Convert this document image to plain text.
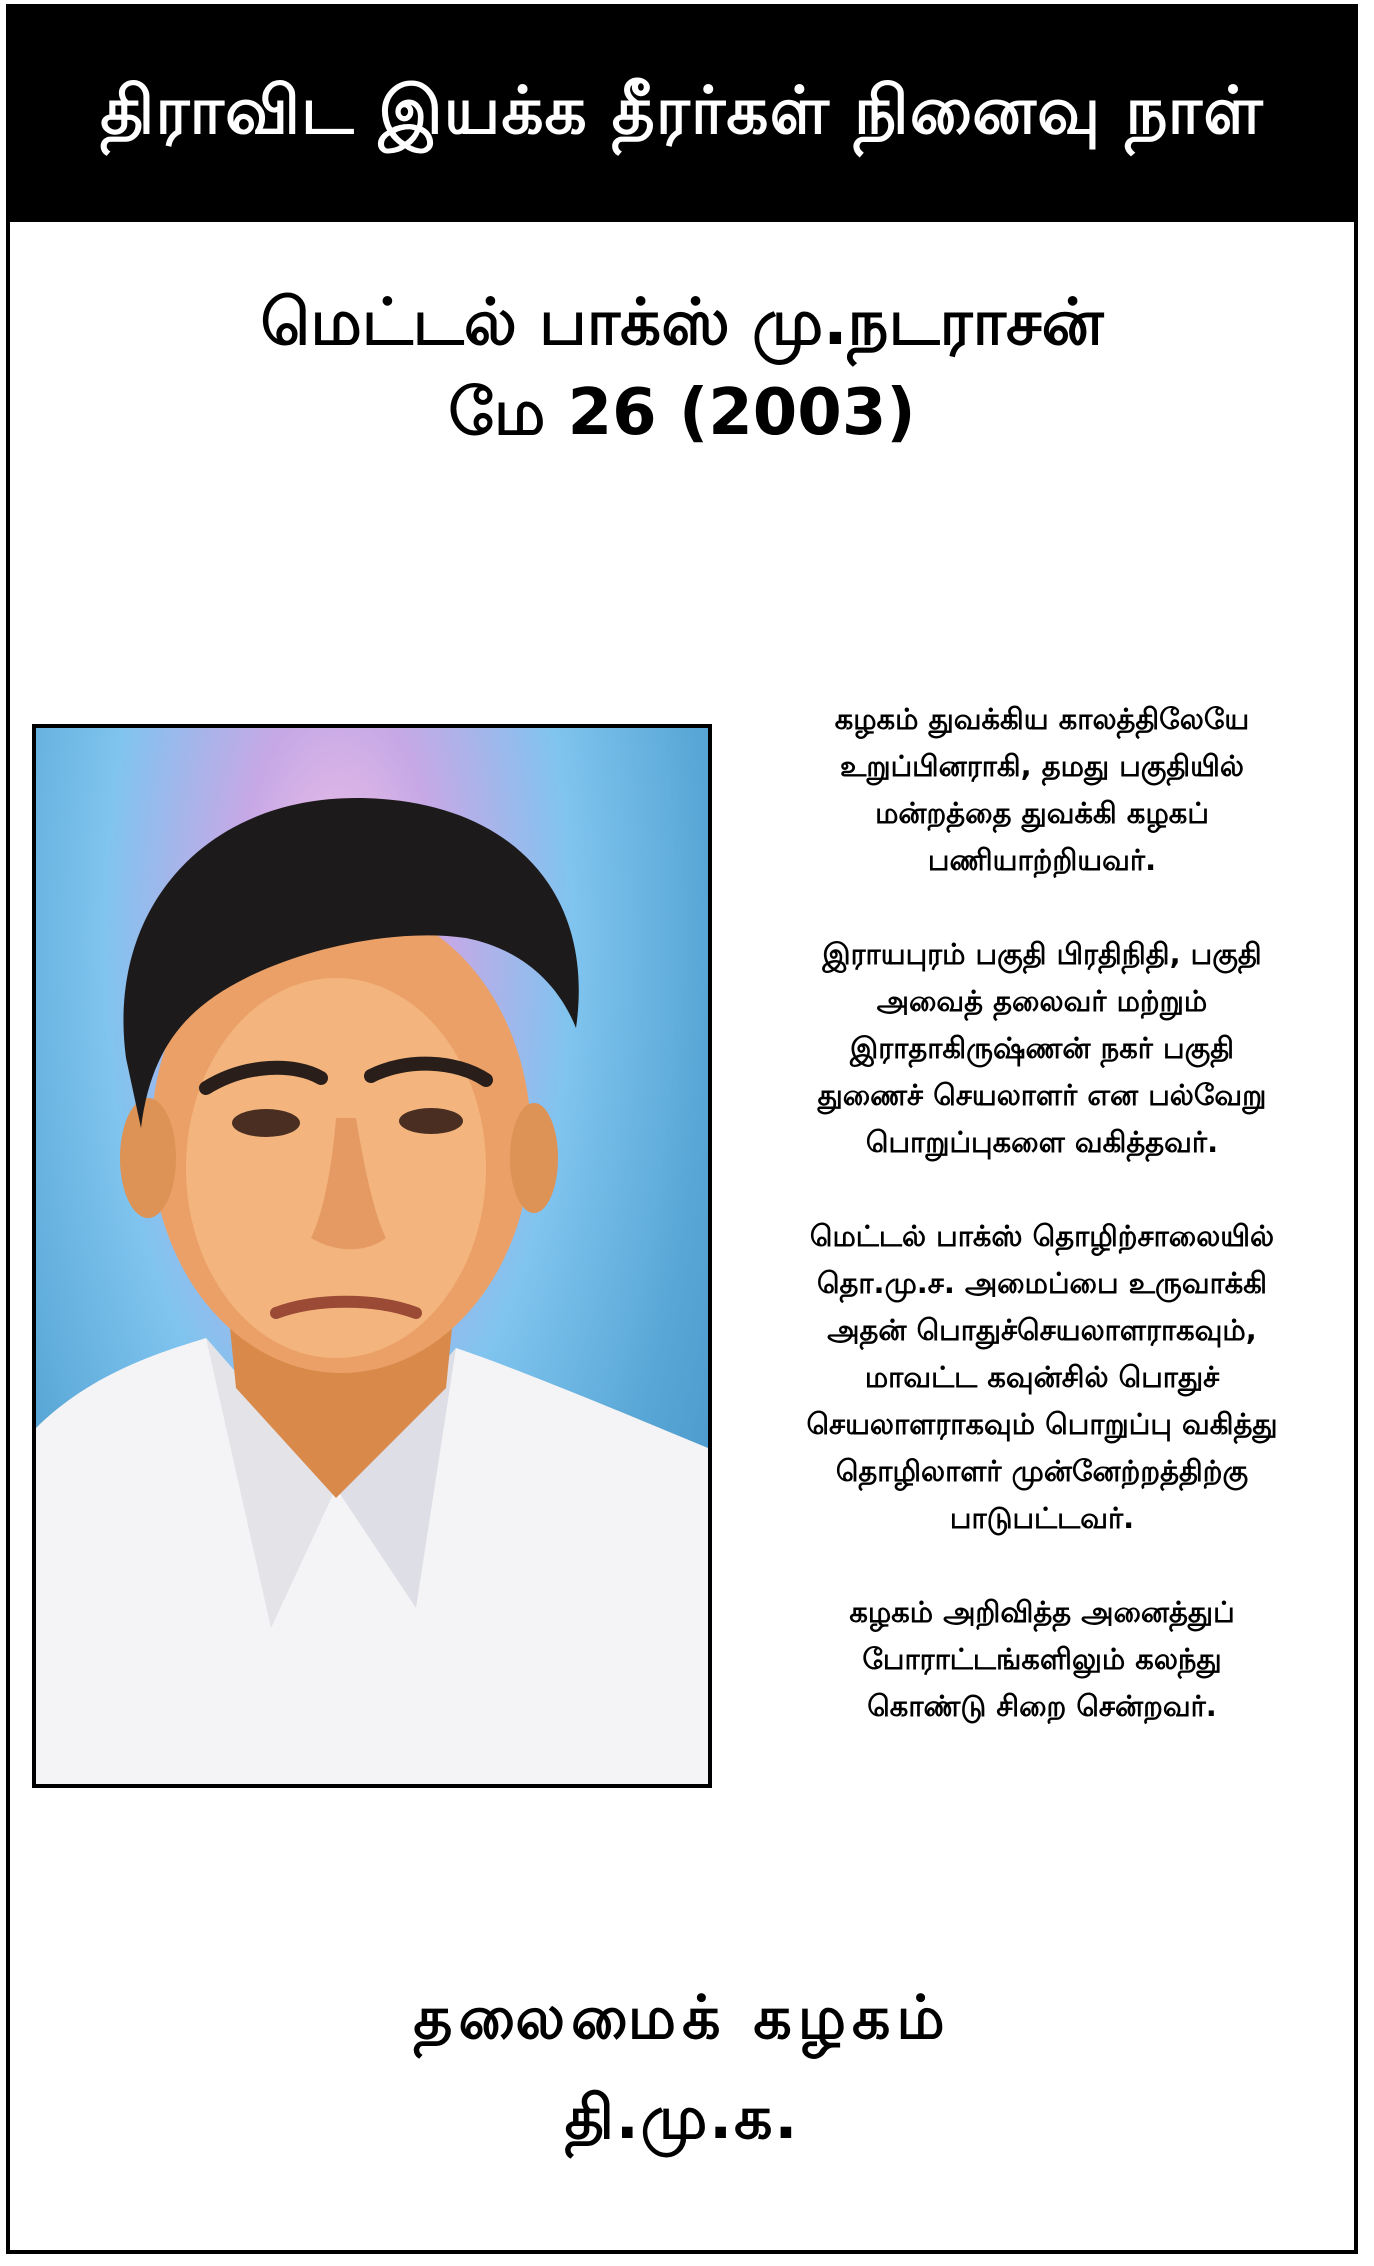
திராவிட இயக்க தீரர்கள் நினைவு நாள்
மெட்டல் பாக்ஸ் மு.நடராசன்
மே 26 (2003)

கழகம் துவக்கிய காலத்திலேயே
உறுப்பினராகி, தமது பகுதியில்
மன்றத்தை துவக்கி கழகப்
பணியாற்றியவர்.

இராயபுரம் பகுதி பிரதிநிதி, பகுதி
அவைத் தலைவர் மற்றும்
இராதாகிருஷ்ணன் நகர் பகுதி
துணைச் செயலாளர் என பல்வேறு
பொறுப்புகளை வகித்தவர்.

மெட்டல் பாக்ஸ் தொழிற்சாலையில்
தொ.மு.ச. அமைப்பை உருவாக்கி
அதன் பொதுச்செயலாளராகவும்,
மாவட்ட கவுன்சில் பொதுச்
செயலாளராகவும் பொறுப்பு வகித்து
தொழிலாளர் முன்னேற்றத்திற்கு
பாடுபட்டவர்.

கழகம் அறிவித்த அனைத்துப்
போராட்டங்களிலும் கலந்து
கொண்டு சிறை சென்றவர்.

தலைமைக் கழகம்
தி.மு.க.
